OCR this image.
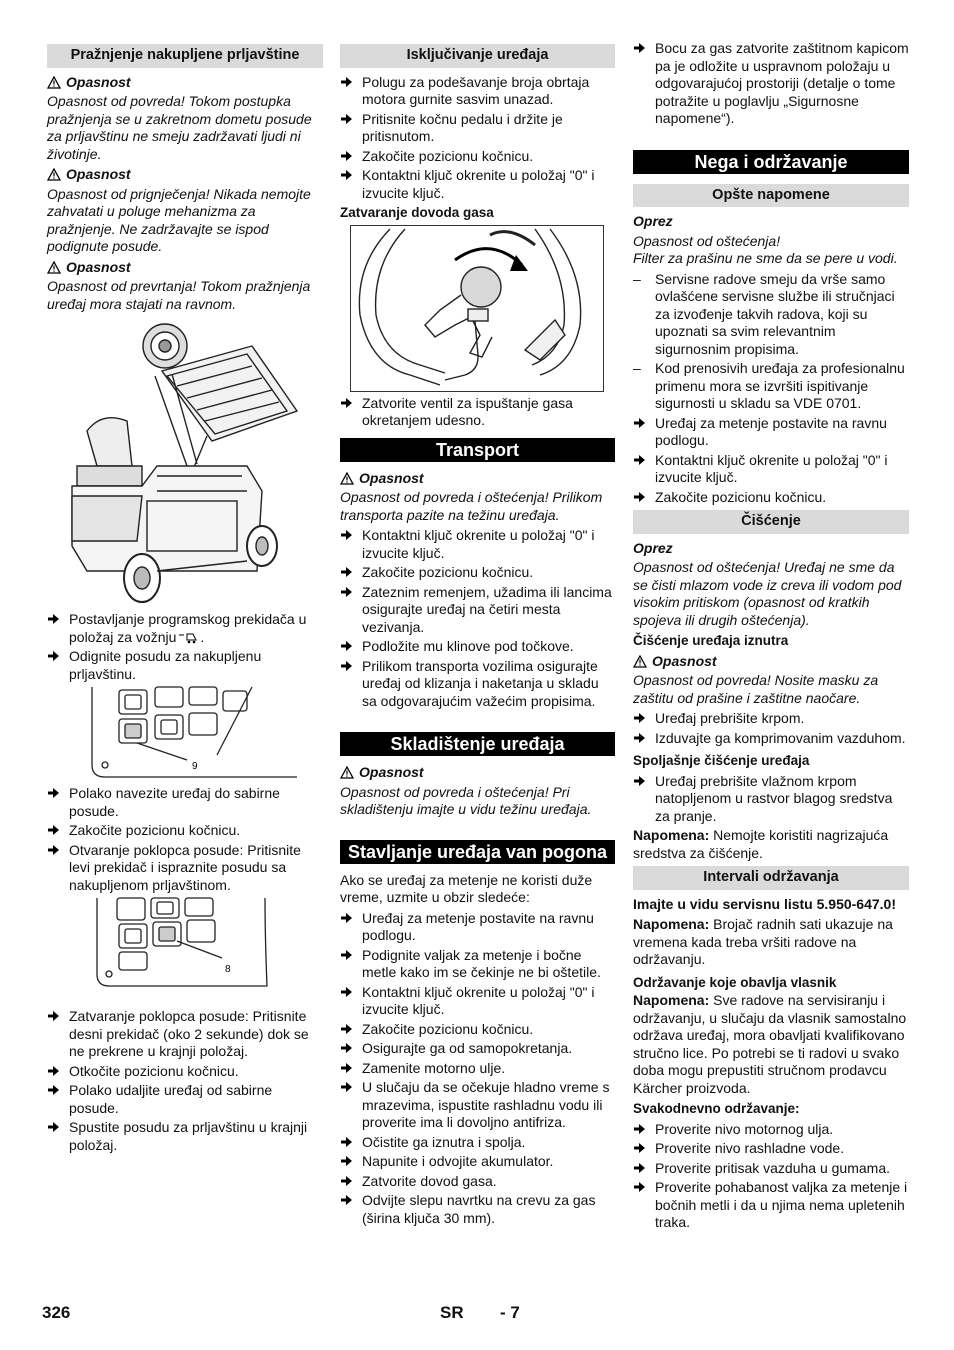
Pražnjenje nakupljene prljavštine
Opasnost
Opasnost od povreda! Tokom postupka pražnjenja se u zakretnom dometu posude za prljavštinu ne smeju zadržavati ljudi ni životinje.
Opasnost
Opasnost od prignječenja! Nikada nemojte zahvatati u poluge mehanizma za pražnjenje. Ne zadržavajte se ispod podignute posude.
Opasnost
Opasnost od prevrtanja! Tokom pražnjenja uređaj mora stajati na ravnom.
Postavljanje programskog prekidača u položaj za vožnju .
Odignite posudu za nakupljenu prljavštinu.
9
Polako navezite uređaj do sabirne posude.
Zakočite pozicionu kočnicu.
Otvaranje poklopca posude: Pritisnite levi prekidač i ispraznite posudu sa nakupljenom prljavštinom.
8
Zatvaranje poklopca posude: Pritisnite desni prekidač (oko 2 sekunde) dok se ne prekrene u krajnji položaj.
Otkočite pozicionu kočnicu.
Polako udaljite uređaj od sabirne posude.
Spustite posudu za prljavštinu u krajnji položaj.
Isključivanje uređaja
Polugu za podešavanje broja obrtaja motora gurnite sasvim unazad.
Pritisnite kočnu pedalu i držite je pritisnutom.
Zakočite pozicionu kočnicu.
Kontaktni ključ okrenite u položaj "0" i izvucite ključ.
Zatvaranje dovoda gasa
Zatvorite ventil za ispuštanje gasa okretanjem udesno.
Transport
Opasnost
Opasnost od povreda i oštećenja! Prilikom transporta pazite na težinu uređaja.
Kontaktni ključ okrenite u položaj "0" i izvucite ključ.
Zakočite pozicionu kočnicu.
Zateznim remenjem, užadima ili lancima osigurajte uređaj na četiri mesta vezivanja.
Podložite mu klinove pod točkove.
Prilikom transporta vozilima osigurajte uređaj od klizanja i naketanja u skladu sa odgovarajućim važećim propisima.
Skladištenje uređaja
Opasnost
Opasnost od povreda i oštećenja! Pri skladištenju imajte u vidu težinu uređaja.
Stavljanje uređaja van pogona
Ako se uređaj za metenje ne koristi duže vreme, uzmite u obzir sledeće:
Uređaj za metenje postavite na ravnu podlogu.
Podignite valjak za metenje i bočne metle kako im se čekinje ne bi oštetile.
Kontaktni ključ okrenite u položaj "0" i izvucite ključ.
Zakočite pozicionu kočnicu.
Osigurajte ga od samopokretanja.
Zamenite motorno ulje.
U slučaju da se očekuje hladno vreme s mrazevima, ispustite rashladnu vodu ili proverite ima li dovoljno antifriza.
Očistite ga iznutra i spolja.
Napunite i odvojite akumulator.
Zatvorite dovod gasa.
Odvijte slepu navrtku na crevu za gas (širina ključa 30 mm).
Bocu za gas zatvorite zaštitnom kapicom pa je odložite u uspravnom položaju u odgovarajućoj prostoriji (detalje o tome potražite u poglavlju „Sigurnosne napomene“).
Nega i održavanje
Opšte napomene
Oprez
Opasnost od oštećenja!
Filter za prašinu ne sme da se pere u vodi.
– Servisne radove smeju da vrše samo ovlašćene servisne službe ili stručnjaci za izvođenje takvih radova, koji su upoznati sa svim relevantnim sigurnosnim propisima.
– Kod prenosivih uređaja za profesionalnu primenu mora se izvršiti ispitivanje sigurnosti u skladu sa VDE 0701.
Uređaj za metenje postavite na ravnu podlogu.
Kontaktni ključ okrenite u položaj "0" i izvucite ključ.
Zakočite pozicionu kočnicu.
Čišćenje
Oprez
Opasnost od oštećenja! Uređaj ne sme da se čisti mlazom vode iz creva ili vodom pod visokim pritiskom (opasnost od kratkih spojeva ili drugih oštećenja).
Čišćenje uređaja iznutra
Opasnost
Opasnost od povreda! Nosite masku za zaštitu od prašine i zaštitne naočare.
Uređaj prebrišite krpom.
Izduvajte ga komprimovanim vazduhom.
Spoljašnje čišćenje uređaja
Uređaj prebrišite vlažnom krpom natopljenom u rastvor blagog sredstva za pranje.
Napomena: Nemojte koristiti nagrizajuća sredstva za čišćenje.
Intervali održavanja
Imajte u vidu servisnu listu 5.950-647.0!
Napomena: Brojač radnih sati ukazuje na vremena kada treba vršiti radove na održavanju.
Održavanje koje obavlja vlasnik
Napomena: Sve radove na servisiranju i održavanju, u slučaju da vlasnik samostalno održava uređaj, mora obavljati kvalifikovano stručno lice. Po potrebi se ti radovi u svako doba mogu prepustiti stručnom prodavcu Kärcher proizvoda.
Svakodnevno održavanje:
Proverite nivo motornog ulja.
Proverite nivo rashladne vode.
Proverite pritisak vazduha u gumama.
Proverite pohabanost valjka za metenje i bočnih metli i da u njima nema upletenih traka.
326	SR - 7
